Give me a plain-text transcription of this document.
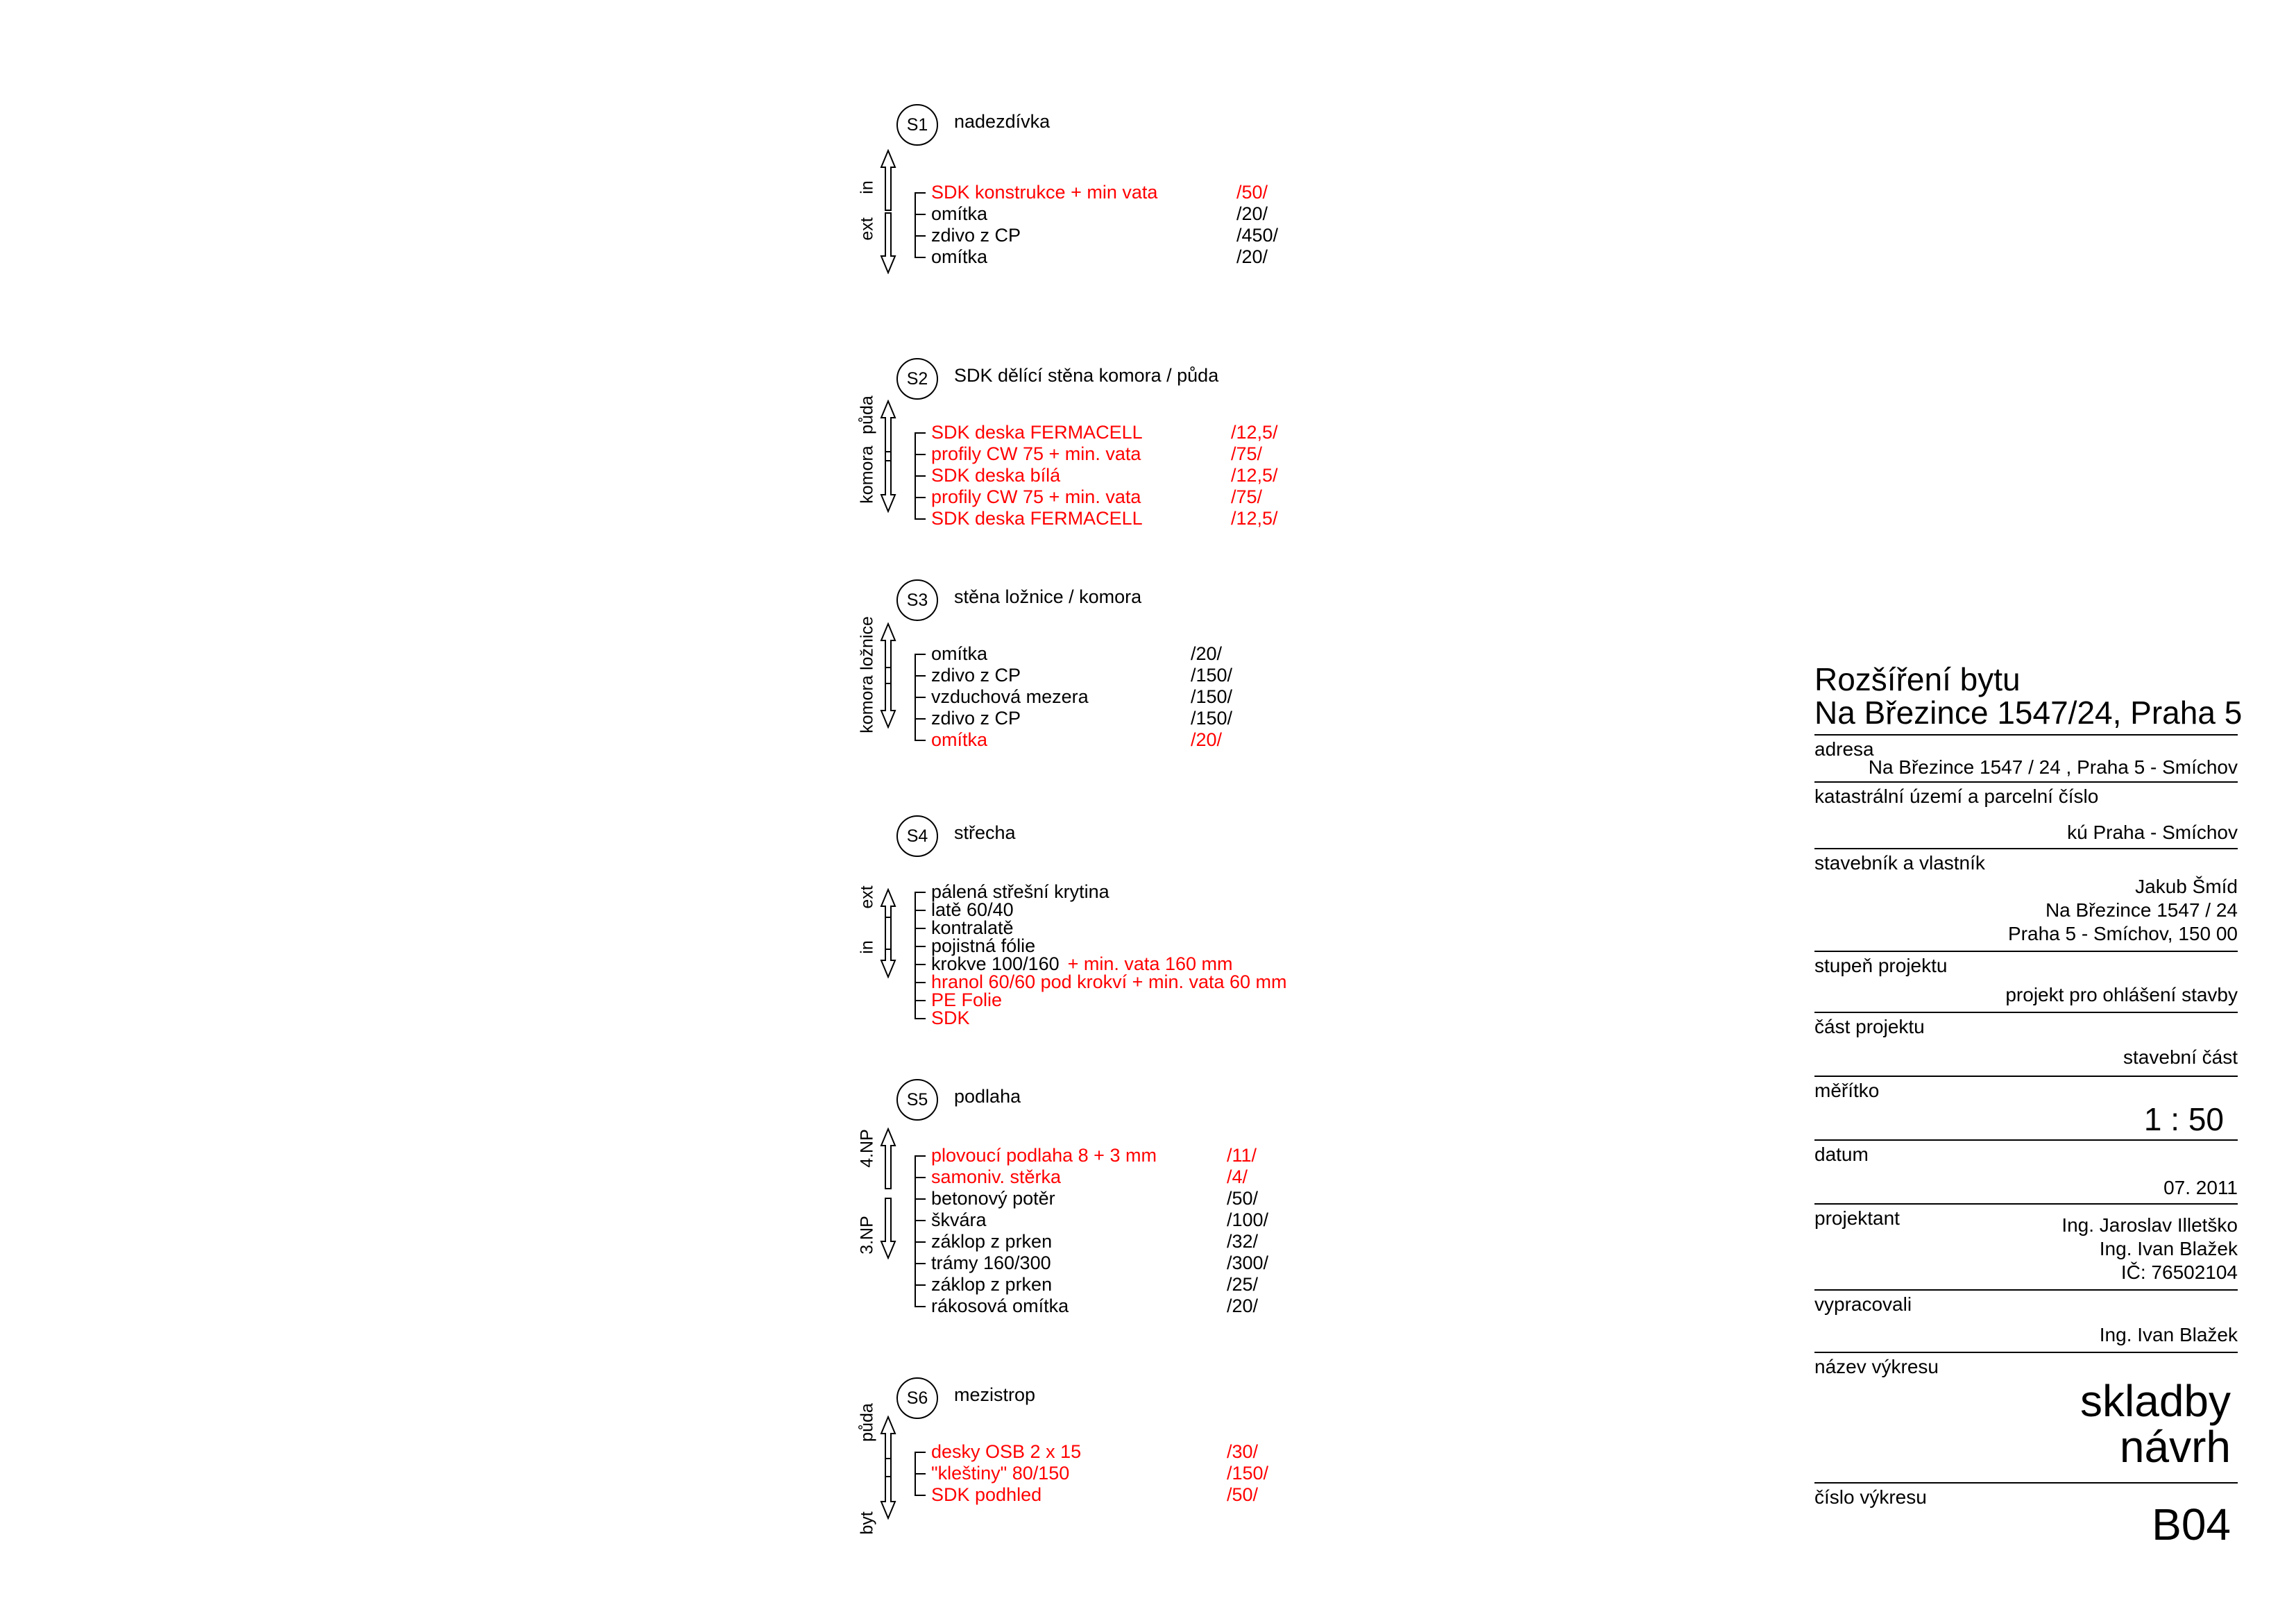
S1	nadezdívka
in
ext
SDK konstrukce + min vata	/50/
omítka	/20/
zdivo z CP	/450/
omítka	/20/
S2	SDK dělící stěna komora / půda
půda
komora
SDK deska FERMACELL	/12,5/
profily CW 75 + min. vata	/75/
SDK deska bílá	/12,5/
profily CW 75 + min. vata	/75/
SDK deska FERMACELL	/12,5/
S3	stěna ložnice / komora
ložnice
komora
omítka	/20/
zdivo z CP	/150/
vzduchová mezera	/150/
zdivo z CP	/150/
omítka	/20/
S4	střecha
ext
in
pálená střešní krytina
latě 60/40
kontralatě
pojistná fólie
krokve 100/160 + min. vata 160 mm
hranol 60/60 pod krokví + min. vata 60 mm
PE Folie
SDK
S5	podlaha
4.NP
3.NP
plovoucí podlaha 8 + 3 mm	/11/
samoniv. stěrka	/4/
betonový potěr	/50/
škvára	/100/
záklop z prken	/32/
trámy 160/300	/300/
záklop z prken	/25/
rákosová omítka	/20/
S6	mezistrop
půda
byt
desky OSB 2 x 15	/30/
"kleštiny" 80/150	/150/
SDK podhled	/50/
Rozšíření bytu
Na Březince 1547/24, Praha 5
adresa
Na Březince 1547 / 24 , Praha 5 - Smíchov
katastrální území a parcelní číslo
kú Praha - Smíchov
stavebník a vlastník
Jakub Šmíd
Na Březince 1547 / 24
Praha 5 - Smíchov, 150 00
stupeň projektu
projekt pro ohlášení stavby
část projektu
stavební část
měřítko
1 : 50
datum
07. 2011
projektant	Ing. Jaroslav Illetško
Ing. Ivan Blažek
IČ: 76502104
vypracovali
Ing. Ivan Blažek
název výkresu
skladby
návrh
číslo výkresu
B04
